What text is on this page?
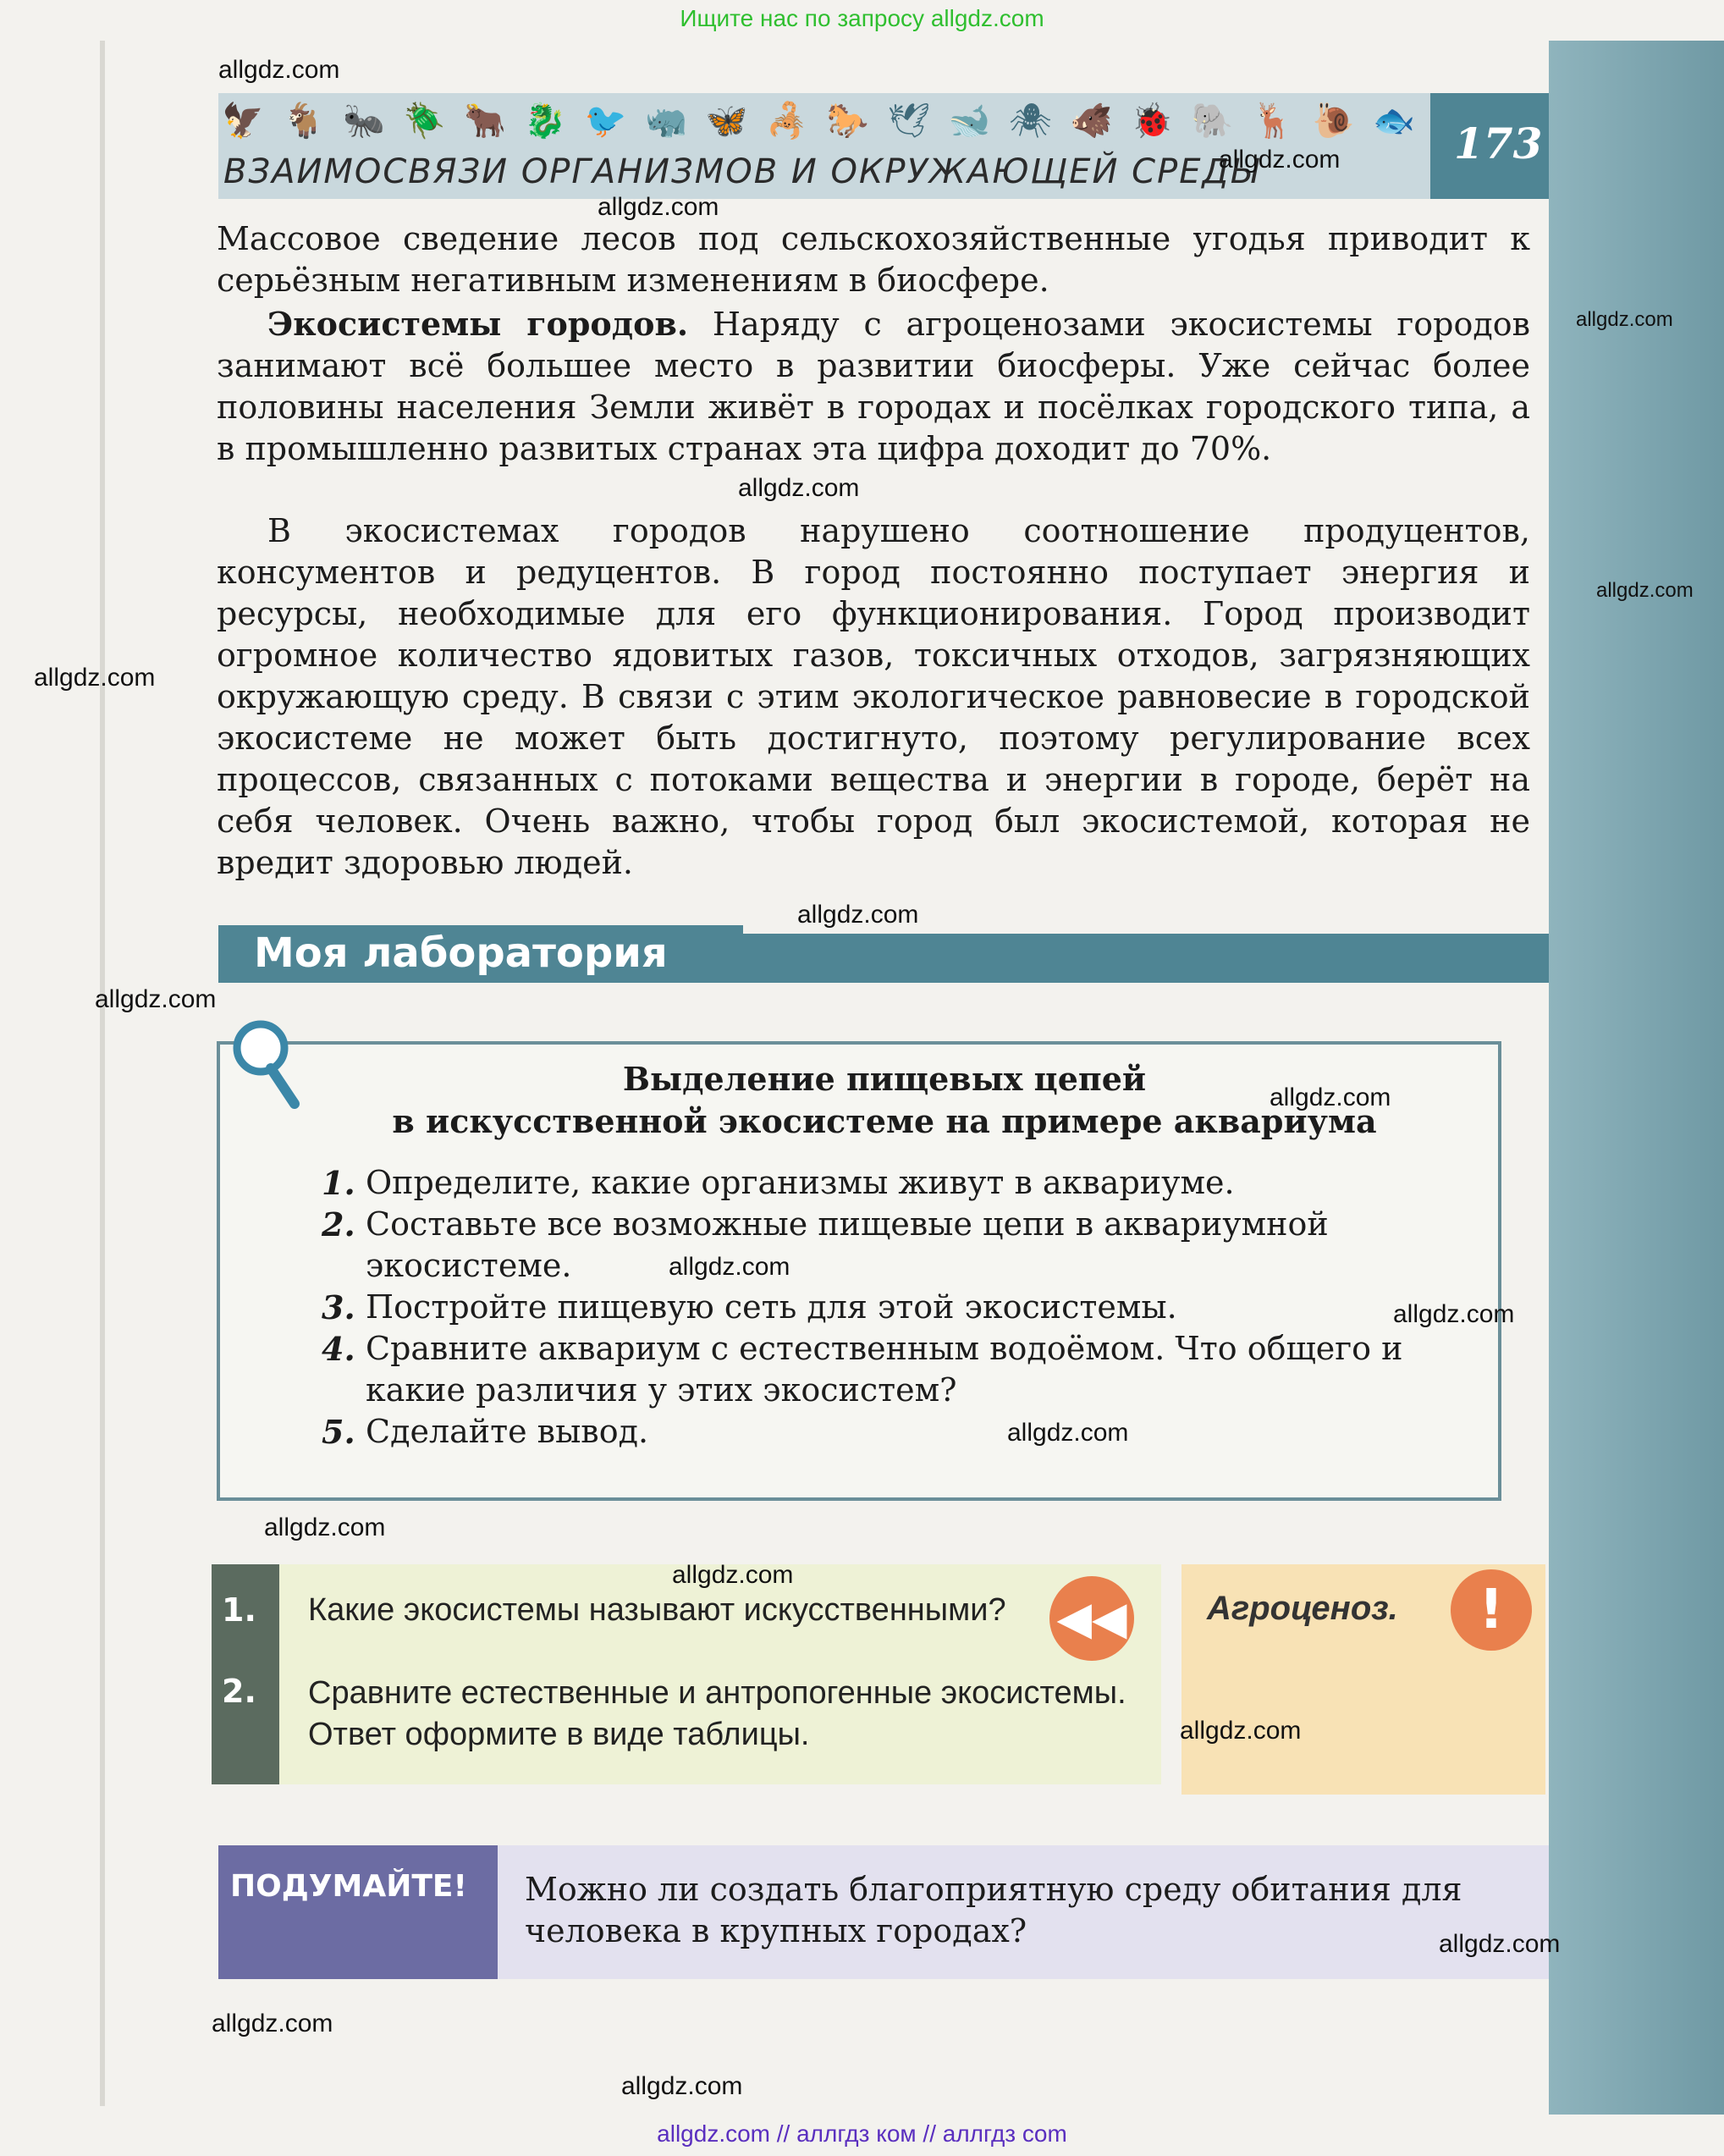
Ищите нас по запросу allgdz.com
🦅 🐐 🐜 🪲 🐂 🐉 🐦 🦏 🦋 🦂 🐎 🕊 🐋 🕷 🐗 🐞 🐘 🦌 🐌 🐟
ВЗАИМОСВЯЗИ ОРГАНИЗМОВ И ОКРУЖАЮЩЕЙ СРЕДЫ
173

Массовое сведение лесов под сельскохозяйственные угодья приводит к серьёзным негативным изменениям в биосфере.

Экосистемы городов. Наряду с агроценозами экосистемы городов занимают всё большее место в развитии биосферы. Уже сейчас более половины населения Земли живёт в городах и посёлках городского типа, а в промышленно развитых странах эта цифра доходит до 70%.

В экосистемах городов нарушено соотношение продуцентов, консументов и редуцентов. В город постоянно поступает энергия и ресурсы, необходимые для его функционирования. Город производит огромное количество ядовитых газов, токсичных отходов, загрязняющих окружающую среду. В связи с этим экологическое равновесие в городской экосистеме не может быть достигнуто, поэтому регулирование всех процессов, связанных с потоками вещества и энергии в городе, берёт на себя человек. Очень важно, чтобы город был экосистемой, которая не вредит здоровью людей.

Моя лаборатория
Выделение пищевых цепей
в искусственной экосистеме на примере аквариума
1. Определите, какие организмы живут в аквариуме.
2. Составьте все возможные пищевые цепи в аквариумной экосистеме.
3. Постройте пищевую сеть для этой экосистемы.
4. Сравните аквариум с естественным водоёмом. Что общего и какие различия у этих экосистем?
5. Сделайте вывод.
1. Какие экосистемы называют искусственными?
2. Сравните естественные и антропогенные экосистемы. Ответ оформите в виде таблицы.
◀◀ Агроценоз.	!
ПОДУМАЙТЕ! Можно ли создать благоприятную среду обитания для человека в крупных городах?
allgdz.com
allgdz.com
allgdz.com
allgdz.com
allgdz.com
allgdz.com
allgdz.com
allgdz.com
allgdz.com
allgdz.com
allgdz.com
allgdz.com
allgdz.com
allgdz.com
allgdz.com
allgdz.com
allgdz.com
allgdz.com
allgdz.com
allgdz.com // аллгдз ком // аллгдз com
